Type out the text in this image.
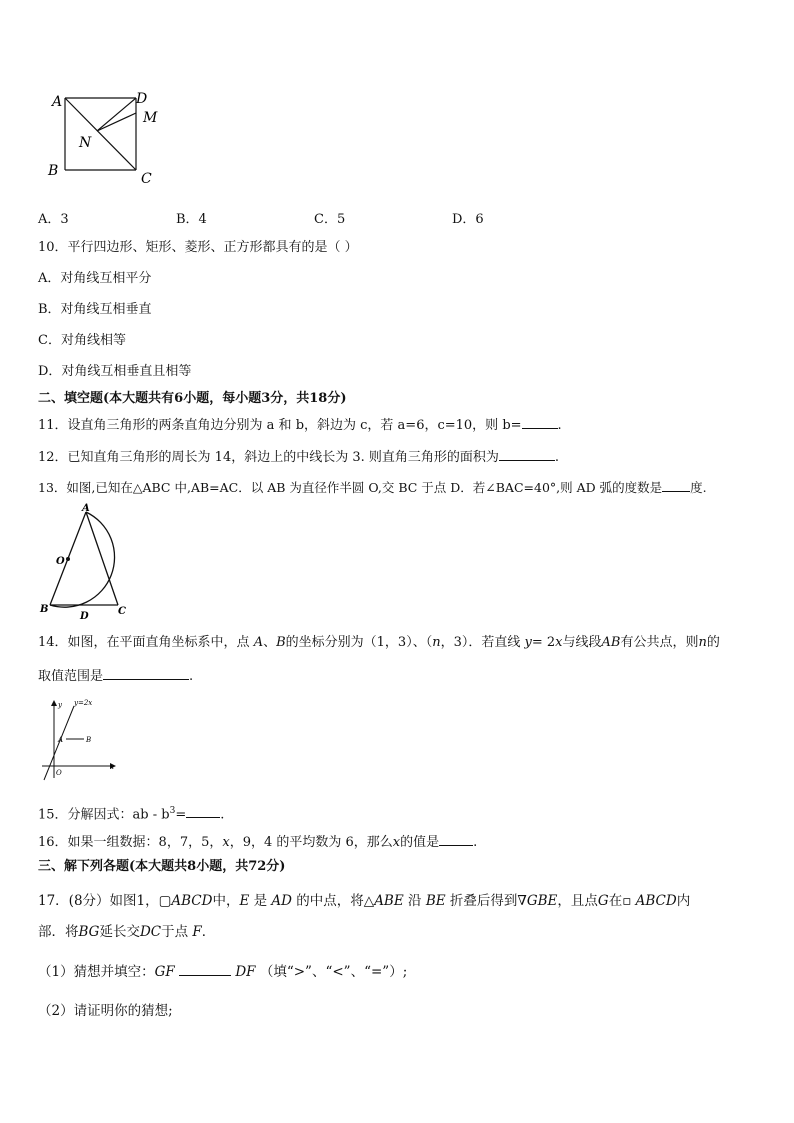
A	D
M
N
B	C
A．3	B．4	C．5	D．6
10．平行四边形、矩形、菱形、正方形都具有的是（ ）
A．对角线互相平分
B．对角线互相垂直
C．对角线相等
D．对角线互相垂直且相等
二、填空题(本大题共有6小题，每小题3分，共18分)
11．设直角三角形的两条直角边分别为 a 和 b，斜边为 c，若 a=6，c=10，则 b=	.
12．已知直角三角形的周长为 14，斜边上的中线长为 3. 则直角三角形的面积为	.
13．如图,已知在△ABC 中,AB=AC．以 AB 为直径作半圆 O,交 BC 于点 D．若∠BAC=40°,则 AD 弧的度数是 度.
A
O
B
D	C
14．如图，在平面直角坐标系中，点 A、B的坐标分别为（1，3）、（n，3）．若直线 y= 2x与线段AB有公共点，则n的
取值范围是	.
y y=2x
A	B
O
x
15．分解因式：ab - $b^3=$	.
16．如果一组数据：8，7，5，x，9，4 的平均数为 6，那么x的值是	.
三、解下列各题(本大题共8小题，共72分)
17．(8分）如图1，▢ABCD中，E 是 AD 的中点，将△ABE 沿 BE 折叠后得到∇GBE，且点G在▫ ABCD内
部．将BG延长交DC于点 F．
（1）猜想并填空：GF	DF （填“>”、“<”、“=”）;
（2）请证明你的猜想;
